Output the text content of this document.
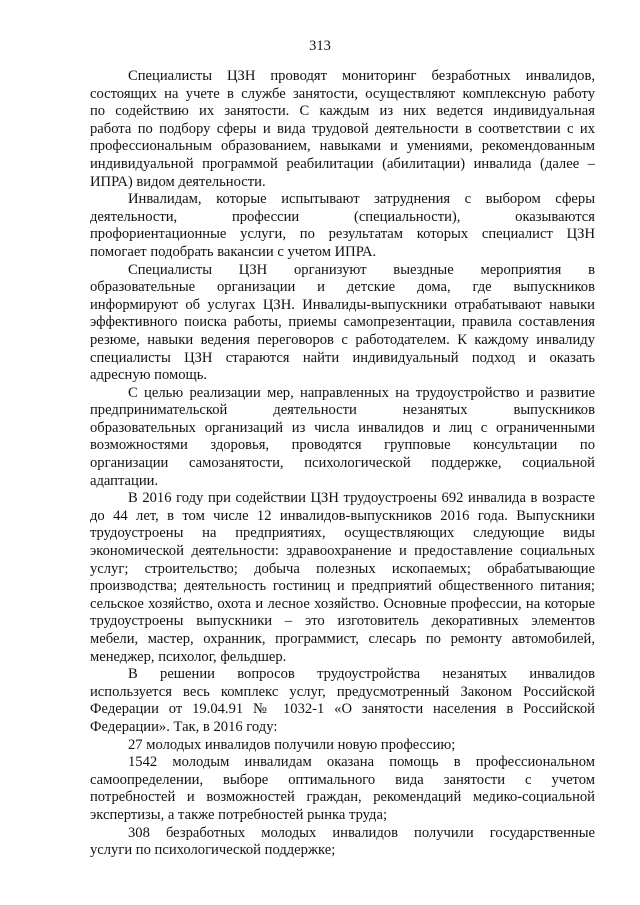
313
Специалисты ЦЗН проводят мониторинг безработных инвалидов,
состоящих на учете в службе занятости, осуществляют комплексную работу
по содействию их занятости. С каждым из них ведется индивидуальная
работа по подбору сферы и вида трудовой деятельности в соответствии с их
профессиональным образованием, навыками и умениями, рекомендованным
индивидуальной программой реабилитации (абилитации) инвалида (далее –
ИПРА) видом деятельности.
Инвалидам, которые испытывают затруднения с выбором сферы
деятельности, профессии (специальности), оказываются
профориентационные услуги, по результатам которых специалист ЦЗН
помогает подобрать вакансии с учетом ИПРА.
Специалисты ЦЗН организуют выездные мероприятия в
образовательные организации и детские дома, где выпускников
информируют об услугах ЦЗН. Инвалиды-выпускники отрабатывают навыки
эффективного поиска работы, приемы самопрезентации, правила составления
резюме, навыки ведения переговоров с работодателем. К каждому инвалиду
специалисты ЦЗН стараются найти индивидуальный подход и оказать
адресную помощь.
С целью реализации мер, направленных на трудоустройство и развитие
предпринимательской деятельности незанятых выпускников
образовательных организаций из числа инвалидов и лиц с ограниченными
возможностями здоровья, проводятся групповые консультации по
организации самозанятости, психологической поддержке, социальной
адаптации.
В 2016 году при содействии ЦЗН трудоустроены 692 инвалида в возрасте
до 44 лет, в том числе 12 инвалидов-выпускников 2016 года. Выпускники
трудоустроены на предприятиях, осуществляющих следующие виды
экономической деятельности: здравоохранение и предоставление социальных
услуг; строительство; добыча полезных ископаемых; обрабатывающие
производства; деятельность гостиниц и предприятий общественного питания;
сельское хозяйство, охота и лесное хозяйство. Основные профессии, на которые
трудоустроены выпускники – это изготовитель декоративных элементов
мебели, мастер, охранник, программист, слесарь по ремонту автомобилей,
менеджер, психолог, фельдшер.
В решении вопросов трудоустройства незанятых инвалидов
используется весь комплекс услуг, предусмотренный Законом Российской
Федерации от 19.04.91 № 1032-1 «О занятости населения в Российской
Федерации». Так, в 2016 году:
27 молодых инвалидов получили новую профессию;
1542 молодым инвалидам оказана помощь в профессиональном
самоопределении, выборе оптимального вида занятости с учетом
потребностей и возможностей граждан, рекомендаций медико-социальной
экспертизы, а также потребностей рынка труда;
308 безработных молодых инвалидов получили государственные
услуги по психологической поддержке;
